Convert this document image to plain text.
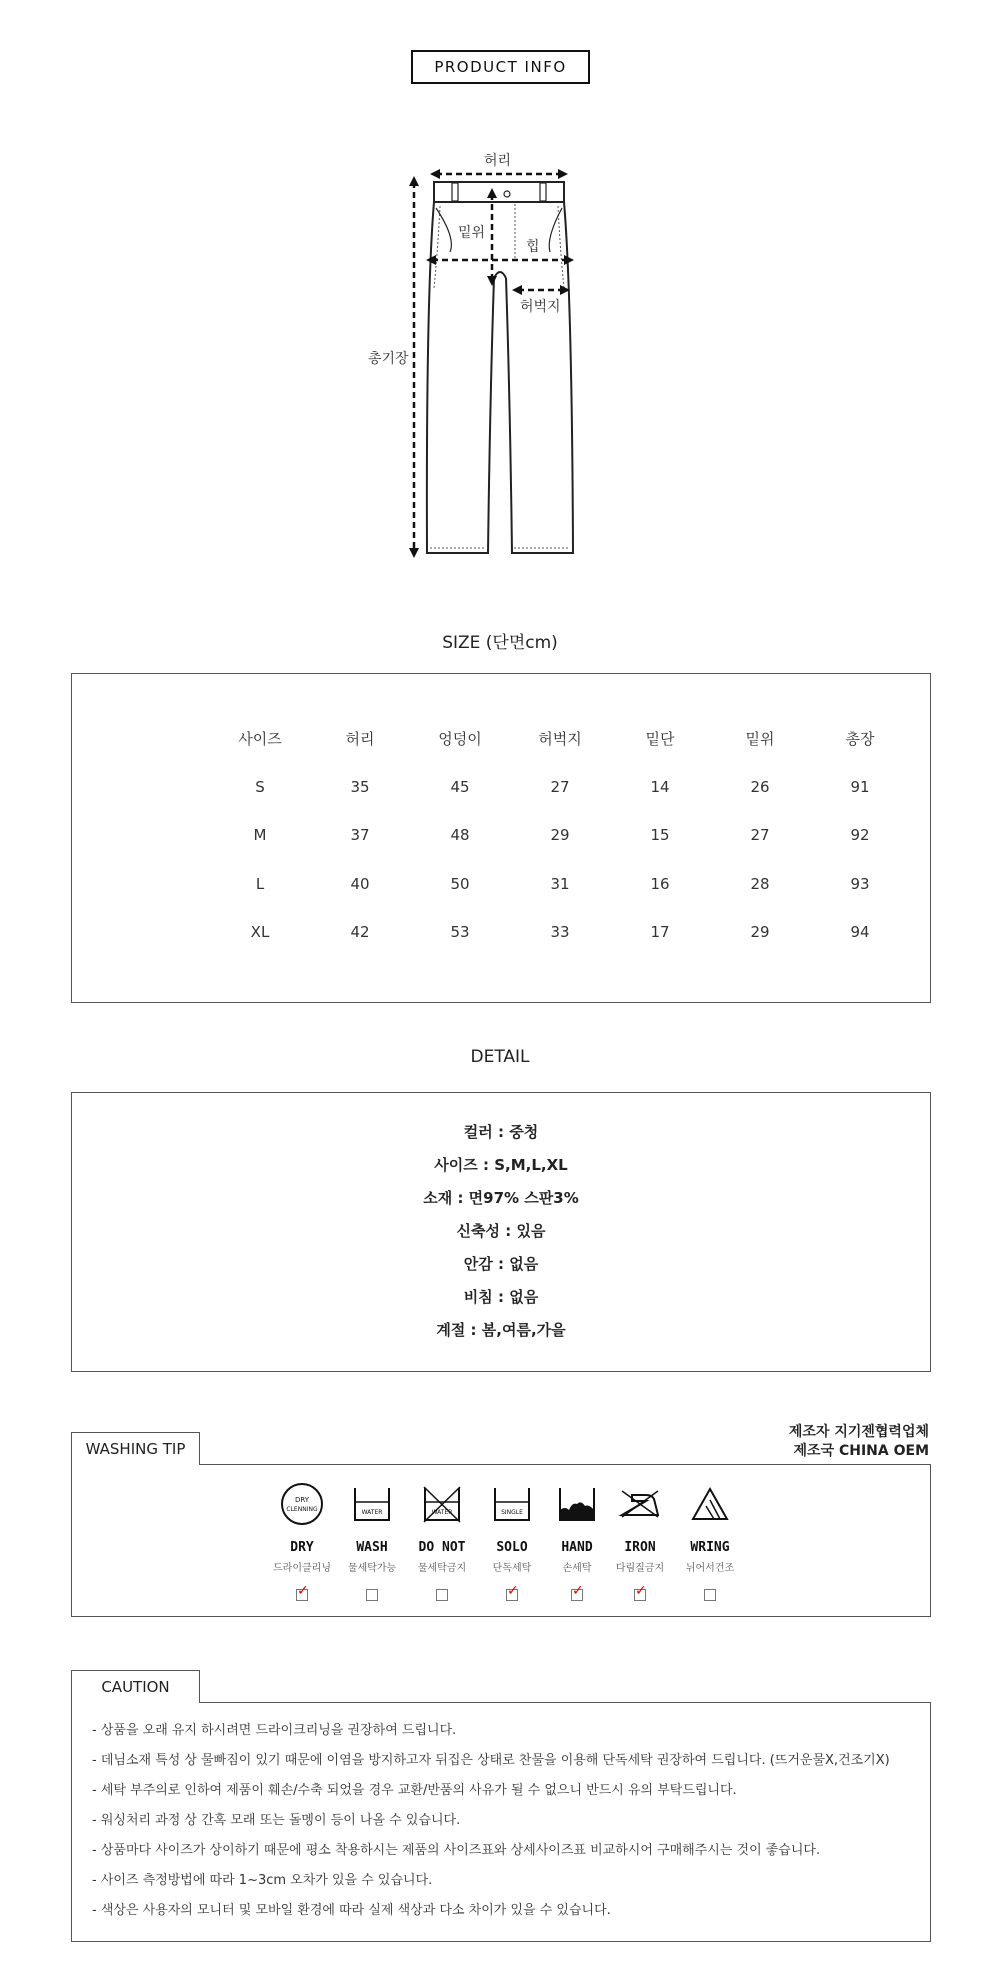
PRODUCT INFO
허리
밑위
힙
허벅지
총기장
SIZE (단면cm)
사이즈	허리	엉덩이	허벅지	밑단	밑위	총장
S	35	45	27	14	26	91
M	37	48	29	15	27	92
L	40	50	31	16	28	93
XL	42	53	33	17	29	94
DETAIL
컬러 : 중청
사이즈 : S,M,L,XL
소재 : 면97% 스판3%
신축성 : 있음
안감 : 없음
비침 : 없음
계절 : 봄,여름,가을
제조자 지기젠협력업체
제조국 CHINA OEM
WASHING TIP
DRY
CLENNING
DRY
드라이클리닝
✓
WATER
WASH
물세탁가능
WATER
DO NOT
물세탁금지
SINGLE
SOLO
단독세탁
✓
HAND
손세탁
✓
IRON
다림질금지
✓
WRING
뉘어서건조
CAUTION
- 상품을 오래 유지 하시려면 드라이크리닝을 권장하여 드립니다.
- 데님소재 특성 상 물빠짐이 있기 때문에 이염을 방지하고자 뒤집은 상태로 찬물을 이용해 단독세탁 권장하여 드립니다. (뜨거운물X,건조기X)
- 세탁 부주의로 인하여 제품이 훼손/수축 되었을 경우 교환/반품의 사유가 될 수 없으니 반드시 유의 부탁드립니다.
- 워싱처리 과정 상 간혹 모래 또는 돌멩이 등이 나올 수 있습니다.
- 상품마다 사이즈가 상이하기 때문에 평소 착용하시는 제품의 사이즈표와 상세사이즈표 비교하시어 구매해주시는 것이 좋습니다.
- 사이즈 측정방법에 따라 1~3cm 오차가 있을 수 있습니다.
- 색상은 사용자의 모니터 및 모바일 환경에 따라 실제 색상과 다소 차이가 있을 수 있습니다.
